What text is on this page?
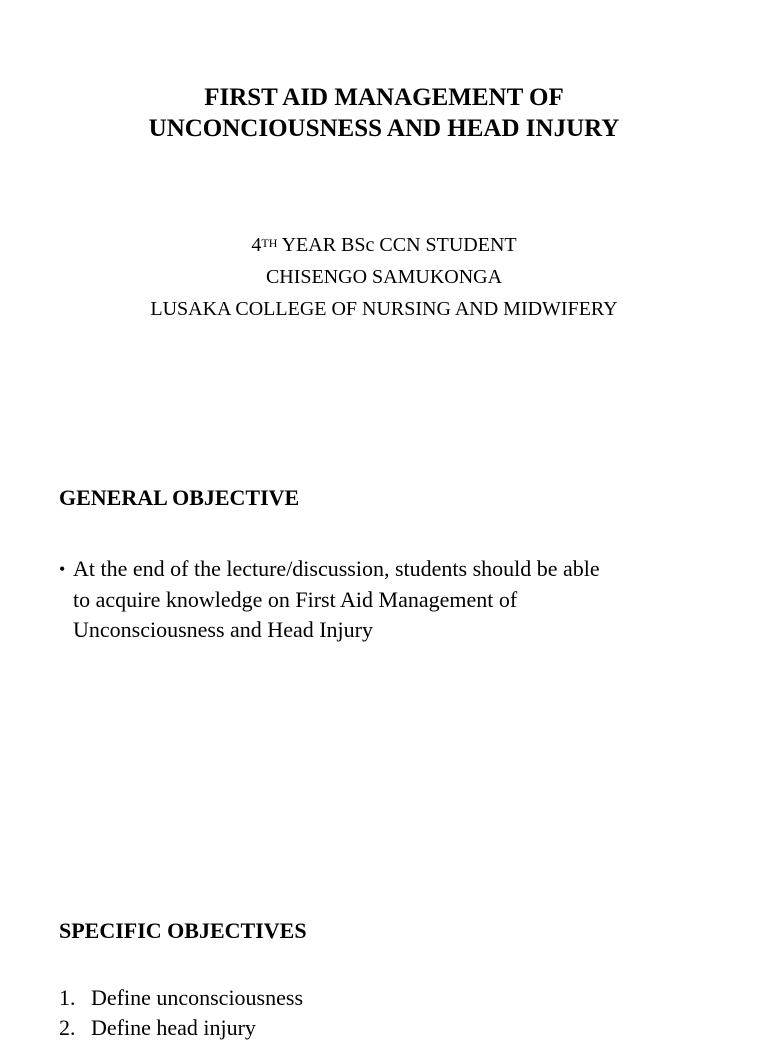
FIRST AID MANAGEMENT OF
UNCONCIOUSNESS AND HEAD INJURY
4TH YEAR BSc CCN STUDENT
CHISENGO SAMUKONGA
LUSAKA COLLEGE OF NURSING AND MIDWIFERY
GENERAL OBJECTIVE
• At the end of the lecture/discussion, students should be able
to acquire knowledge on First Aid Management of
Unconsciousness and Head Injury
SPECIFIC OBJECTIVES
1. Define unconsciousness
2. Define head injury
